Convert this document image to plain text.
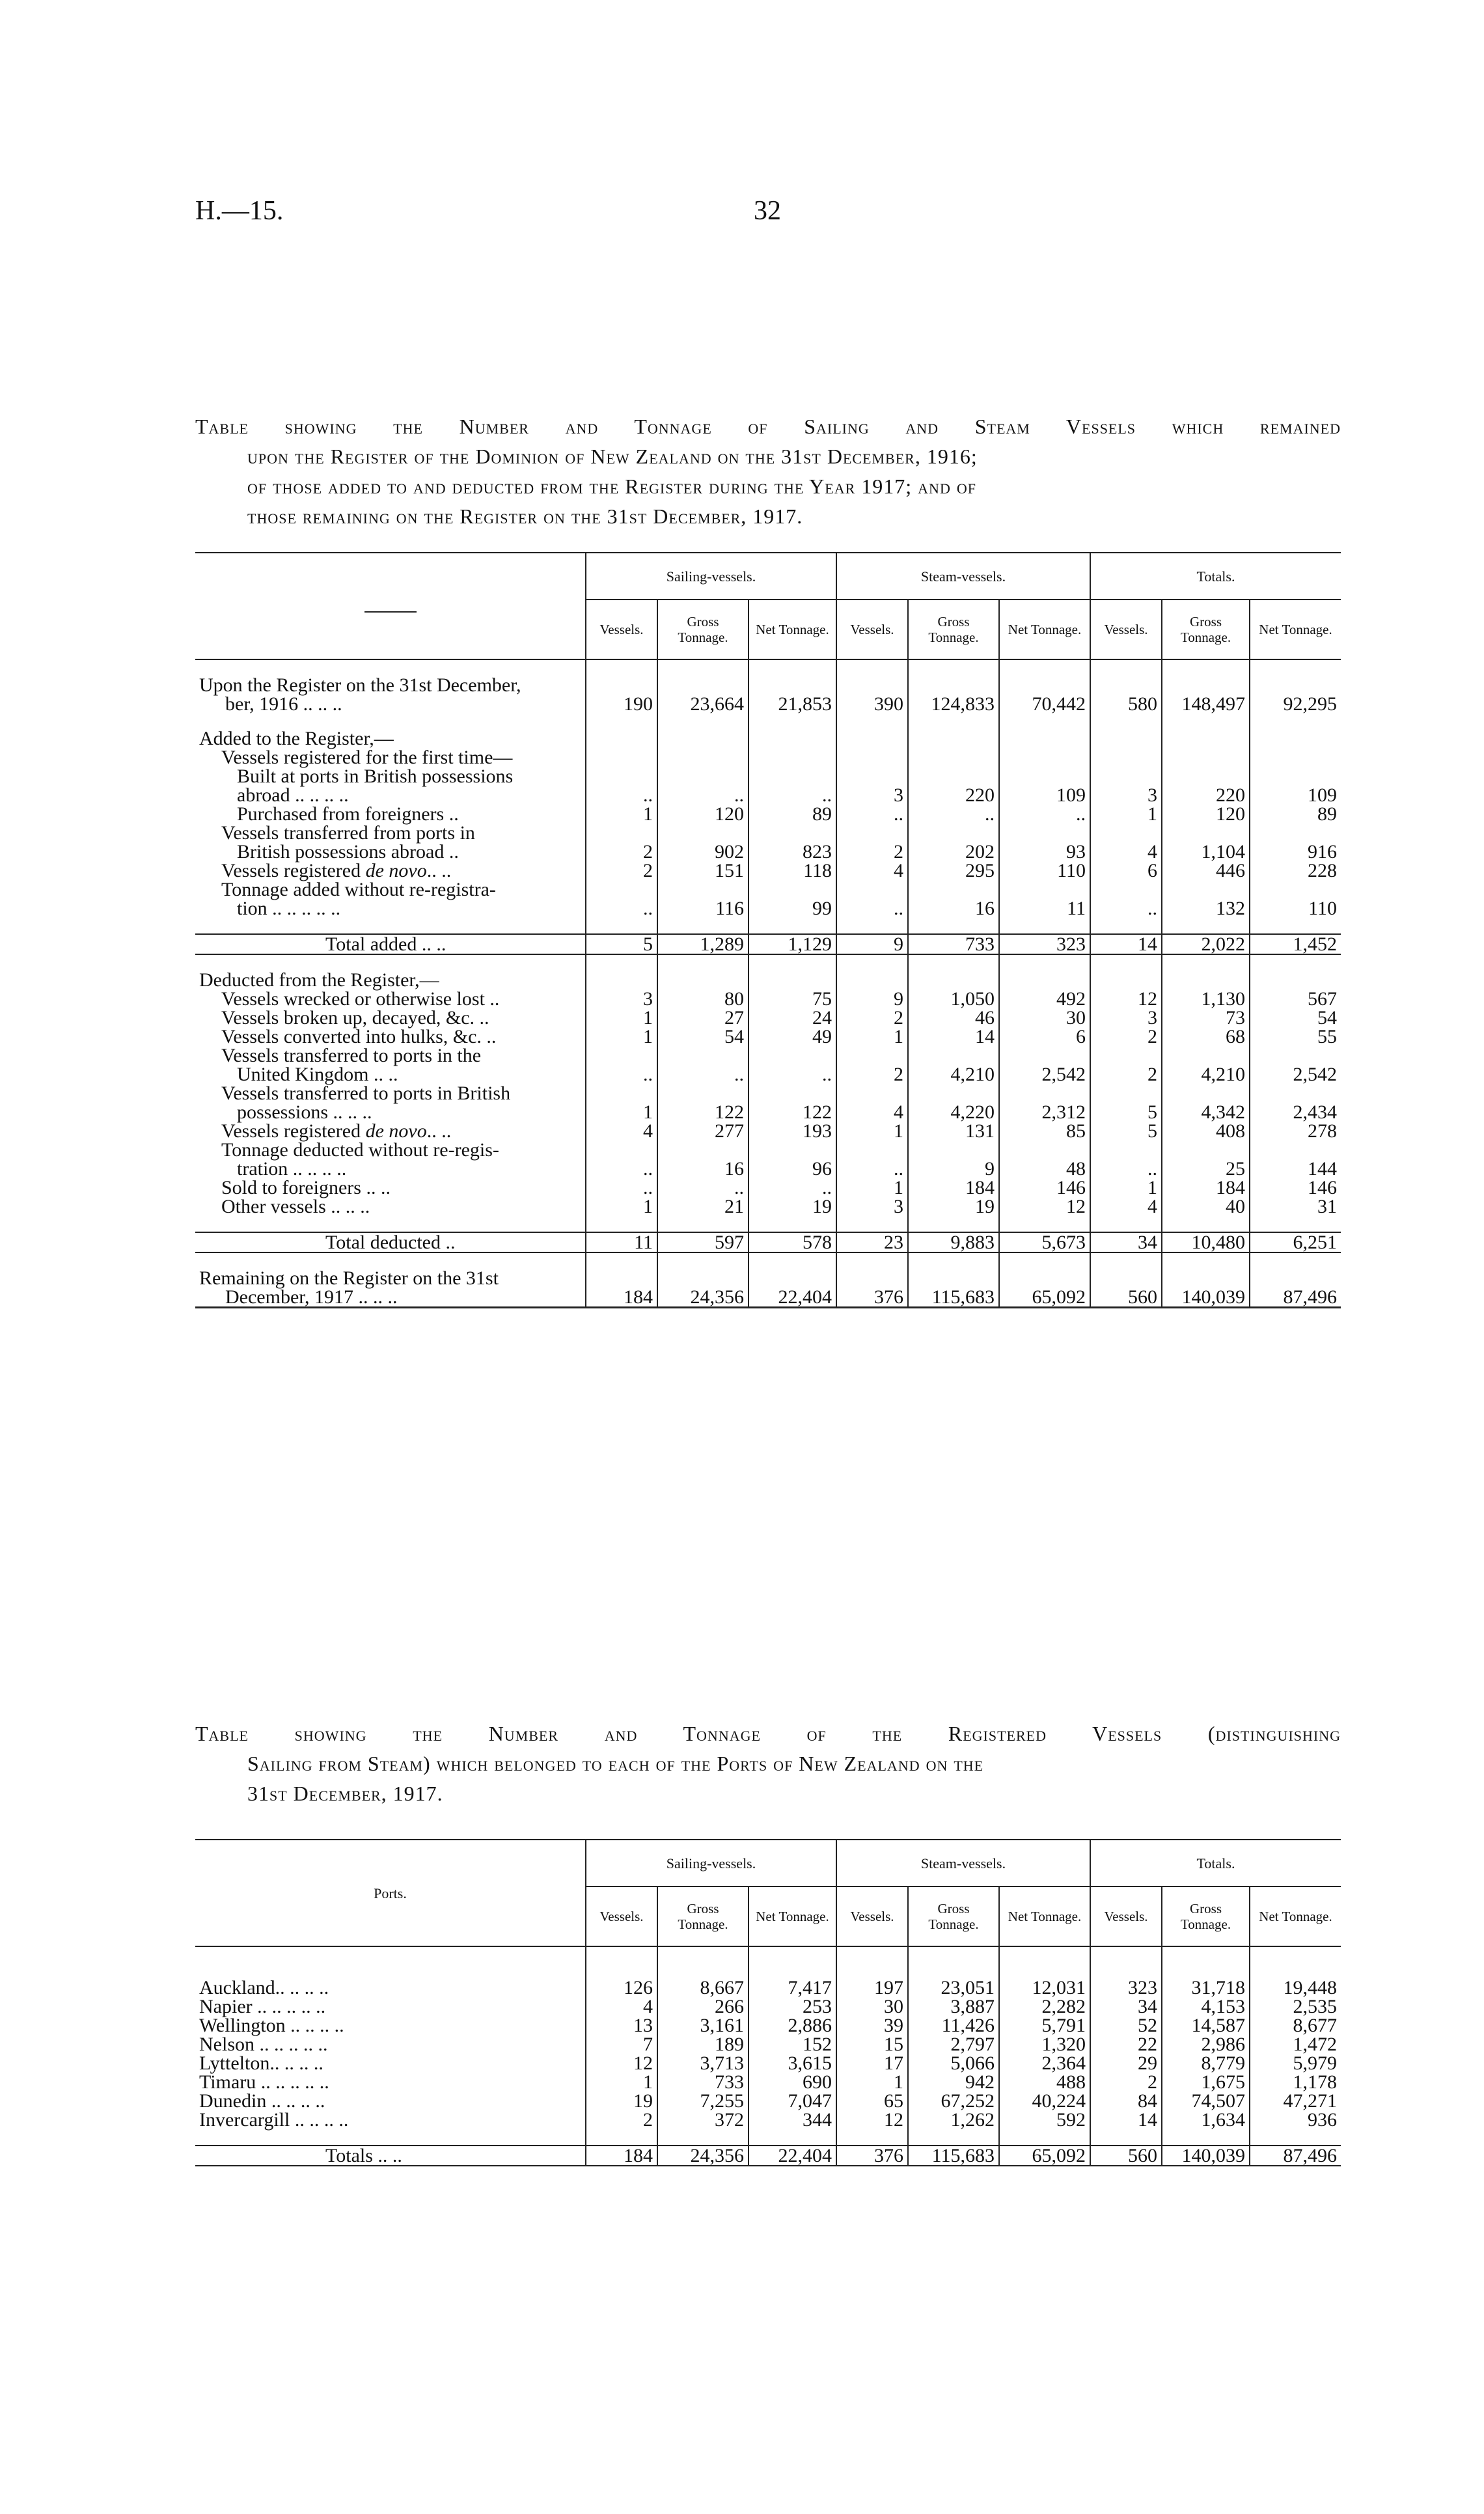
H.—15.	32
Table showing the Number and Tonnage of Sailing and Steam Vessels which remained
upon the Register of the Dominion of New Zealand on the 31st December, 1916;
of those added to and deducted from the Register during the Year 1917; and of
those remaining on the Register on the 31st December, 1917.
	Sailing-vessels.			Steam-vessels.			Totals.		
	Vessels.	Gross Tonnage.	Net Tonnage.	Vessels.	Gross Tonnage.	Net Tonnage.	Vessels.	Gross Tonnage.	Net Tonnage.

Upon the Register on the 31st December,
ber, 1916 .. .. ..	190	23,664	21,853	390	124,833	70,442	580	148,497	92,295

Added to the Register,—									

Vessels registered for the first time—									

Built at ports in British possessions									

abroad .. .. .. ..	..	..	..	3	220	109	3	220	109

Purchased from foreigners ..	1	120	89	..	..	..	1	120	89

Vessels transferred from ports in									

British possessions abroad ..	2	902	823	2	202	93	4	1,104	916

Vessels registered de novo.. ..	2	151	118	4	295	110	6	446	228

Tonnage added without re-registra-									

tion .. .. .. .. ..	..	116	99	..	16	11	..	132	110

Total added .. ..	5	1,289	1,129	9	733	323	14	2,022	1,452

Deducted from the Register,—									

Vessels wrecked or otherwise lost ..	3	80	75	9	1,050	492	12	1,130	567

Vessels broken up, decayed, &c. ..	1	27	24	2	46	30	3	73	54

Vessels converted into hulks, &c. ..	1	54	49	1	14	6	2	68	55

Vessels transferred to ports in the									

United Kingdom .. ..	..	..	..	2	4,210	2,542	2	4,210	2,542

Vessels transferred to ports in British									

possessions .. .. ..	1	122	122	4	4,220	2,312	5	4,342	2,434

Vessels registered de novo.. ..	4	277	193	1	131	85	5	408	278

Tonnage deducted without re-regis-									

tration .. .. .. ..	..	16	96	..	9	48	..	25	144

Sold to foreigners .. ..	..	..	..	1	184	146	1	184	146

Other vessels .. .. ..	1	21	19	3	19	12	4	40	31

Total deducted ..	11	597	578	23	9,883	5,673	34	10,480	6,251

Remaining on the Register on the 31st
December, 1917 .. .. ..	184	24,356	22,404	376	115,683	65,092	560	140,039	87,496
Table showing the Number and Tonnage of the Registered Vessels (distinguishing
Sailing from Steam) which belonged to each of the Ports of New Zealand on the
31st December, 1917.
Ports.	Sailing-vessels.			Steam-vessels.			Totals.		
	Vessels.	Gross Tonnage.	Net Tonnage.	Vessels.	Gross Tonnage.	Net Tonnage.	Vessels.	Gross Tonnage.	Net Tonnage.

Auckland.. .. .. ..	126	8,667	7,417	197	23,051	12,031	323	31,718	19,448
Napier .. .. .. .. ..	4	266	253	30	3,887	2,282	34	4,153	2,535
Wellington .. .. .. ..	13	3,161	2,886	39	11,426	5,791	52	14,587	8,677
Nelson .. .. .. .. ..	7	189	152	15	2,797	1,320	22	2,986	1,472
Lyttelton.. .. .. ..	12	3,713	3,615	17	5,066	2,364	29	8,779	5,979
Timaru .. .. .. .. ..	1	733	690	1	942	488	2	1,675	1,178
Dunedin .. .. .. ..	19	7,255	7,047	65	67,252	40,224	84	74,507	47,271
Invercargill .. .. .. ..	2	372	344	12	1,262	592	14	1,634	936

Totals .. ..	184	24,356	22,404	376	115,683	65,092	560	140,039	87,496
